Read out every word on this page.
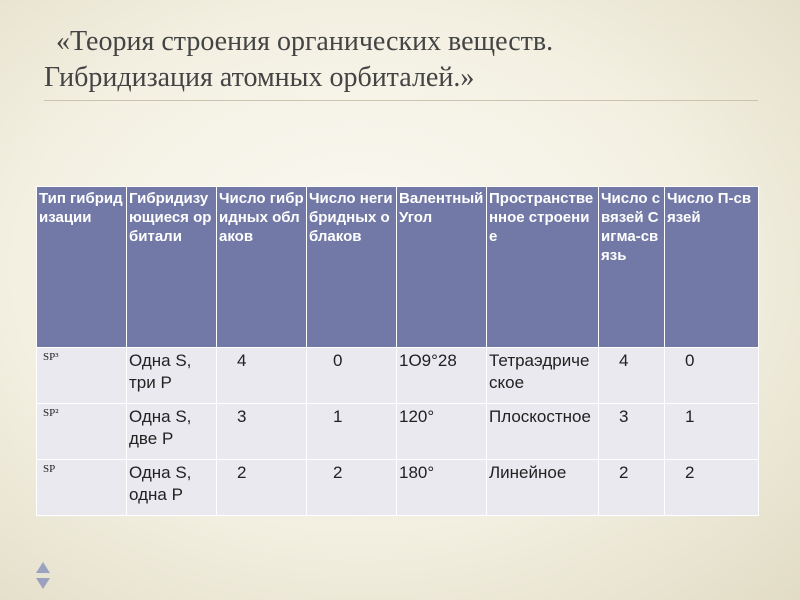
«Теория строения органических веществ.
Гибридизация атомных орбиталей.»
Тип гибридизации	Гибридизующиеся орбитали	Число гибридных облаков	Число негибридных облаков	Валентный Угол	Пространственное строение	Число связей Сигма-связь	Число П-связей
SP³	Одна S, три P	4	0	1O9°28	Тетраэдрическое	4	0
SP²	Одна S, две P	3	1	120°	Плоскостное	3	1
SP	Одна S, одна P	2	2	180°	Линейное	2	2
